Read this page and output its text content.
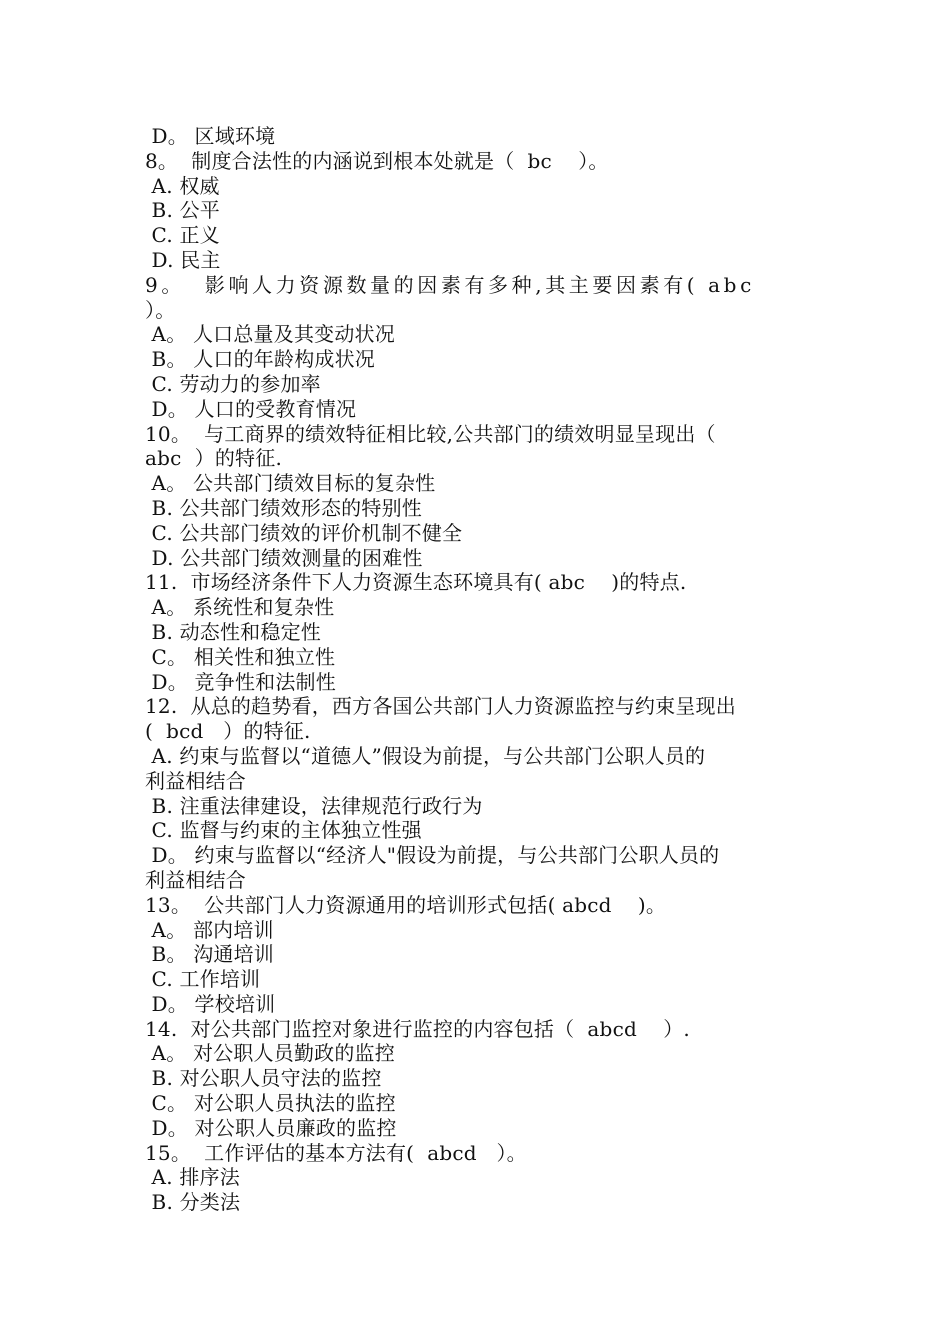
D。 区域环境
8。  制度合法性的内涵说到根本处就是（  bc    ）。
A. 权威
B. 公平
C. 正义
D. 民主
9。  影响人力资源数量的因素有多种,其主要因素有( abc
）。
A。 人口总量及其变动状况
B。 人口的年龄构成状况
C. 劳动力的参加率
D。 人口的受教育情况
10。  与工商界的绩效特征相比较,公共部门的绩效明显呈现出（
abc  ）的特征.
A。 公共部门绩效目标的复杂性
B. 公共部门绩效形态的特别性
C. 公共部门绩效的评价机制不健全
D. 公共部门绩效测量的困难性
11.  市场经济条件下人力资源生态环境具有( abc    )的特点.
A。 系统性和复杂性
B. 动态性和稳定性
C。 相关性和独立性
D。 竞争性和法制性
12.  从总的趋势看，西方各国公共部门人力资源监控与约束呈现出
(  bcd   ）的特征.
A. 约束与监督以“道德人”假设为前提，与公共部门公职人员的
利益相结合
B. 注重法律建设，法律规范行政行为
C. 监督与约束的主体独立性强
D。 约束与监督以“经济人"假设为前提，与公共部门公职人员的
利益相结合
13。  公共部门人力资源通用的培训形式包括( abcd    )。
A。 部内培训
B。 沟通培训
C. 工作培训
D。 学校培训
14.  对公共部门监控对象进行监控的内容包括（  abcd    ）.
A。 对公职人员勤政的监控
B. 对公职人员守法的监控
C。 对公职人员执法的监控
D。 对公职人员廉政的监控
15。  工作评估的基本方法有(  abcd   ）。
A. 排序法
B. 分类法
